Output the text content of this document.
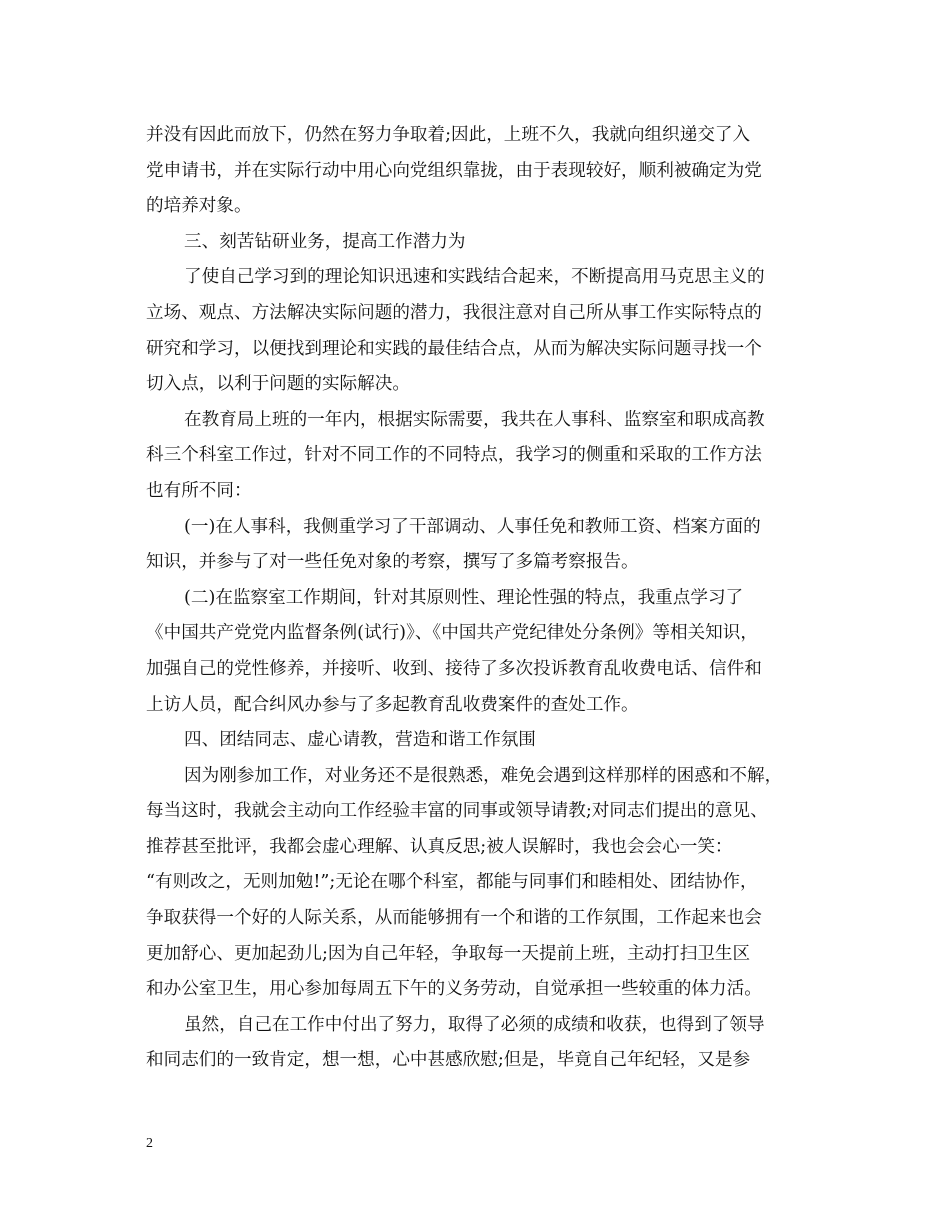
并没有因此而放下，仍然在努力争取着;因此，上班不久，我就向组织递交了入

党申请书，并在实际行动中用心向党组织靠拢，由于表现较好，顺利被确定为党

的培养对象。

三、刻苦钻研业务，提高工作潜力为

了使自己学习到的理论知识迅速和实践结合起来，不断提高用马克思主义的

立场、观点、方法解决实际问题的潜力，我很注意对自己所从事工作实际特点的

研究和学习，以便找到理论和实践的最佳结合点，从而为解决实际问题寻找一个

切入点，以利于问题的实际解决。

在教育局上班的一年内，根据实际需要，我共在人事科、监察室和职成高教

科三个科室工作过，针对不同工作的不同特点，我学习的侧重和采取的工作方法

也有所不同：

(一)在人事科，我侧重学习了干部调动、人事任免和教师工资、档案方面的

知识，并参与了对一些任免对象的考察，撰写了多篇考察报告。

(二)在监察室工作期间，针对其原则性、理论性强的特点，我重点学习了

《中国共产党党内监督条例(试行)》、《中国共产党纪律处分条例》等相关知识，

加强自己的党性修养，并接听、收到、接待了多次投诉教育乱收费电话、信件和

上访人员，配合纠风办参与了多起教育乱收费案件的查处工作。

四、团结同志、虚心请教，营造和谐工作氛围

因为刚参加工作，对业务还不是很熟悉，难免会遇到这样那样的困惑和不解，

每当这时，我就会主动向工作经验丰富的同事或领导请教;对同志们提出的意见、

推荐甚至批评，我都会虚心理解、认真反思;被人误解时，我也会会心一笑：

“有则改之，无则加勉!”;无论在哪个科室，都能与同事们和睦相处、团结协作，

争取获得一个好的人际关系，从而能够拥有一个和谐的工作氛围，工作起来也会

更加舒心、更加起劲儿;因为自己年轻，争取每一天提前上班，主动打扫卫生区

和办公室卫生，用心参加每周五下午的义务劳动，自觉承担一些较重的体力活。

虽然，自己在工作中付出了努力，取得了必须的成绩和收获，也得到了领导

和同志们的一致肯定，想一想，心中甚感欣慰;但是，毕竟自己年纪轻，又是参

2
